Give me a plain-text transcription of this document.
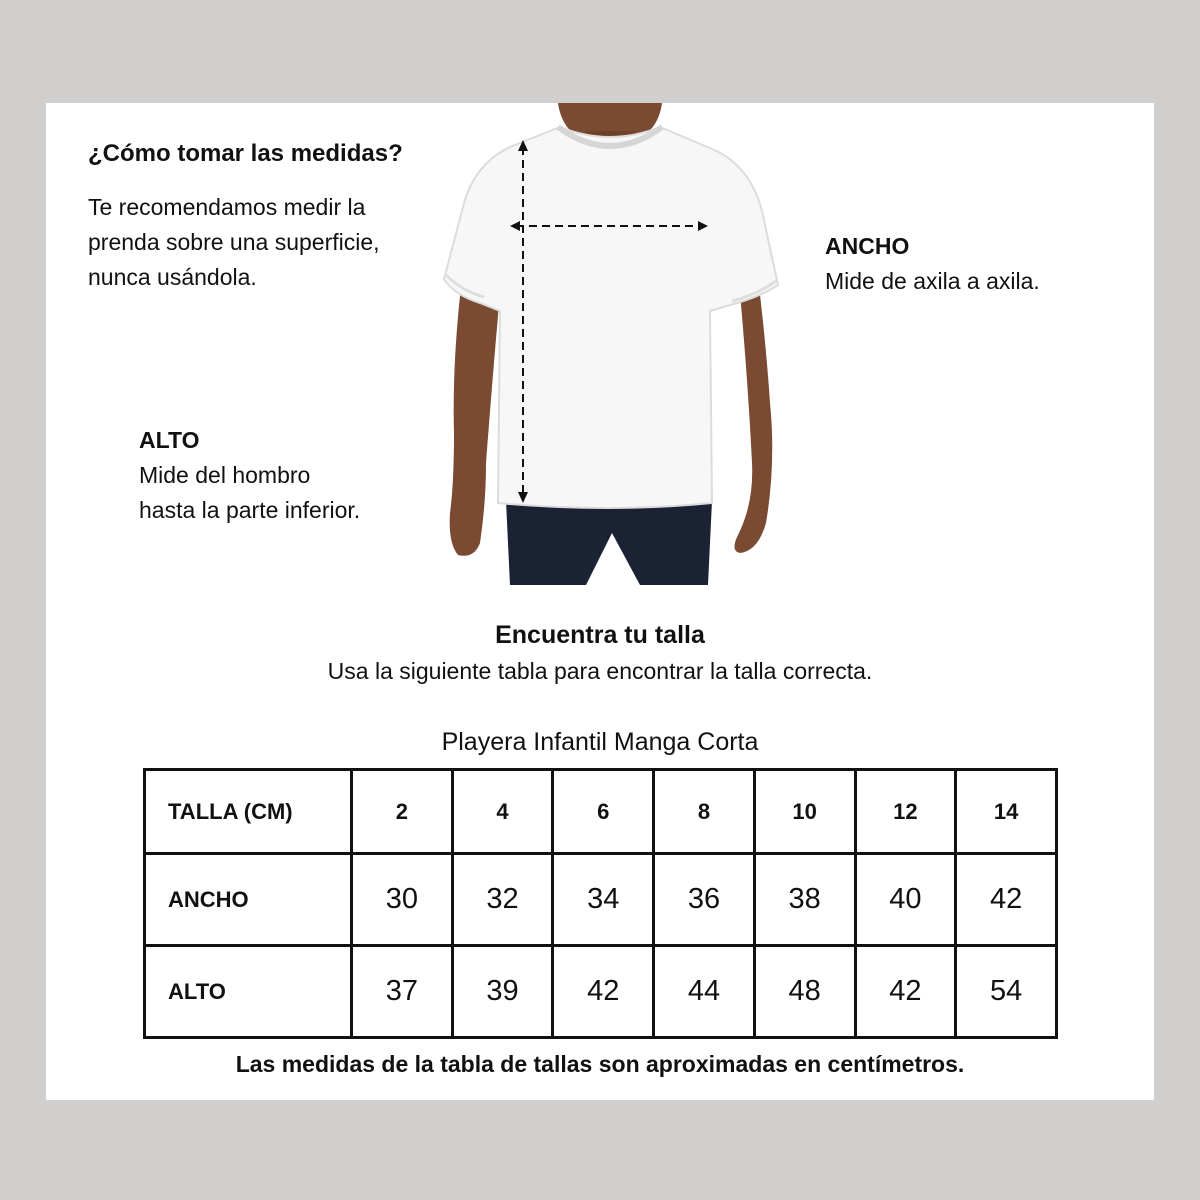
¿Cómo tomar las medidas?

Te recomendamos medir la prenda sobre una superficie, nunca usándola.

ANCHO
Mide de axila a axila.
ALTO
Mide del hombro
hasta la parte inferior.
Encuentra tu talla

Usa la siguiente tabla para encontrar la talla correcta.

Playera Infantil Manga Corta

TALLA (CM)	2	4	6	8	10	12	14
ANCHO	30	32	34	36	38	40	42
ALTO	37	39	42	44	48	42	54

Las medidas de la tabla de tallas son aproximadas en centímetros.
